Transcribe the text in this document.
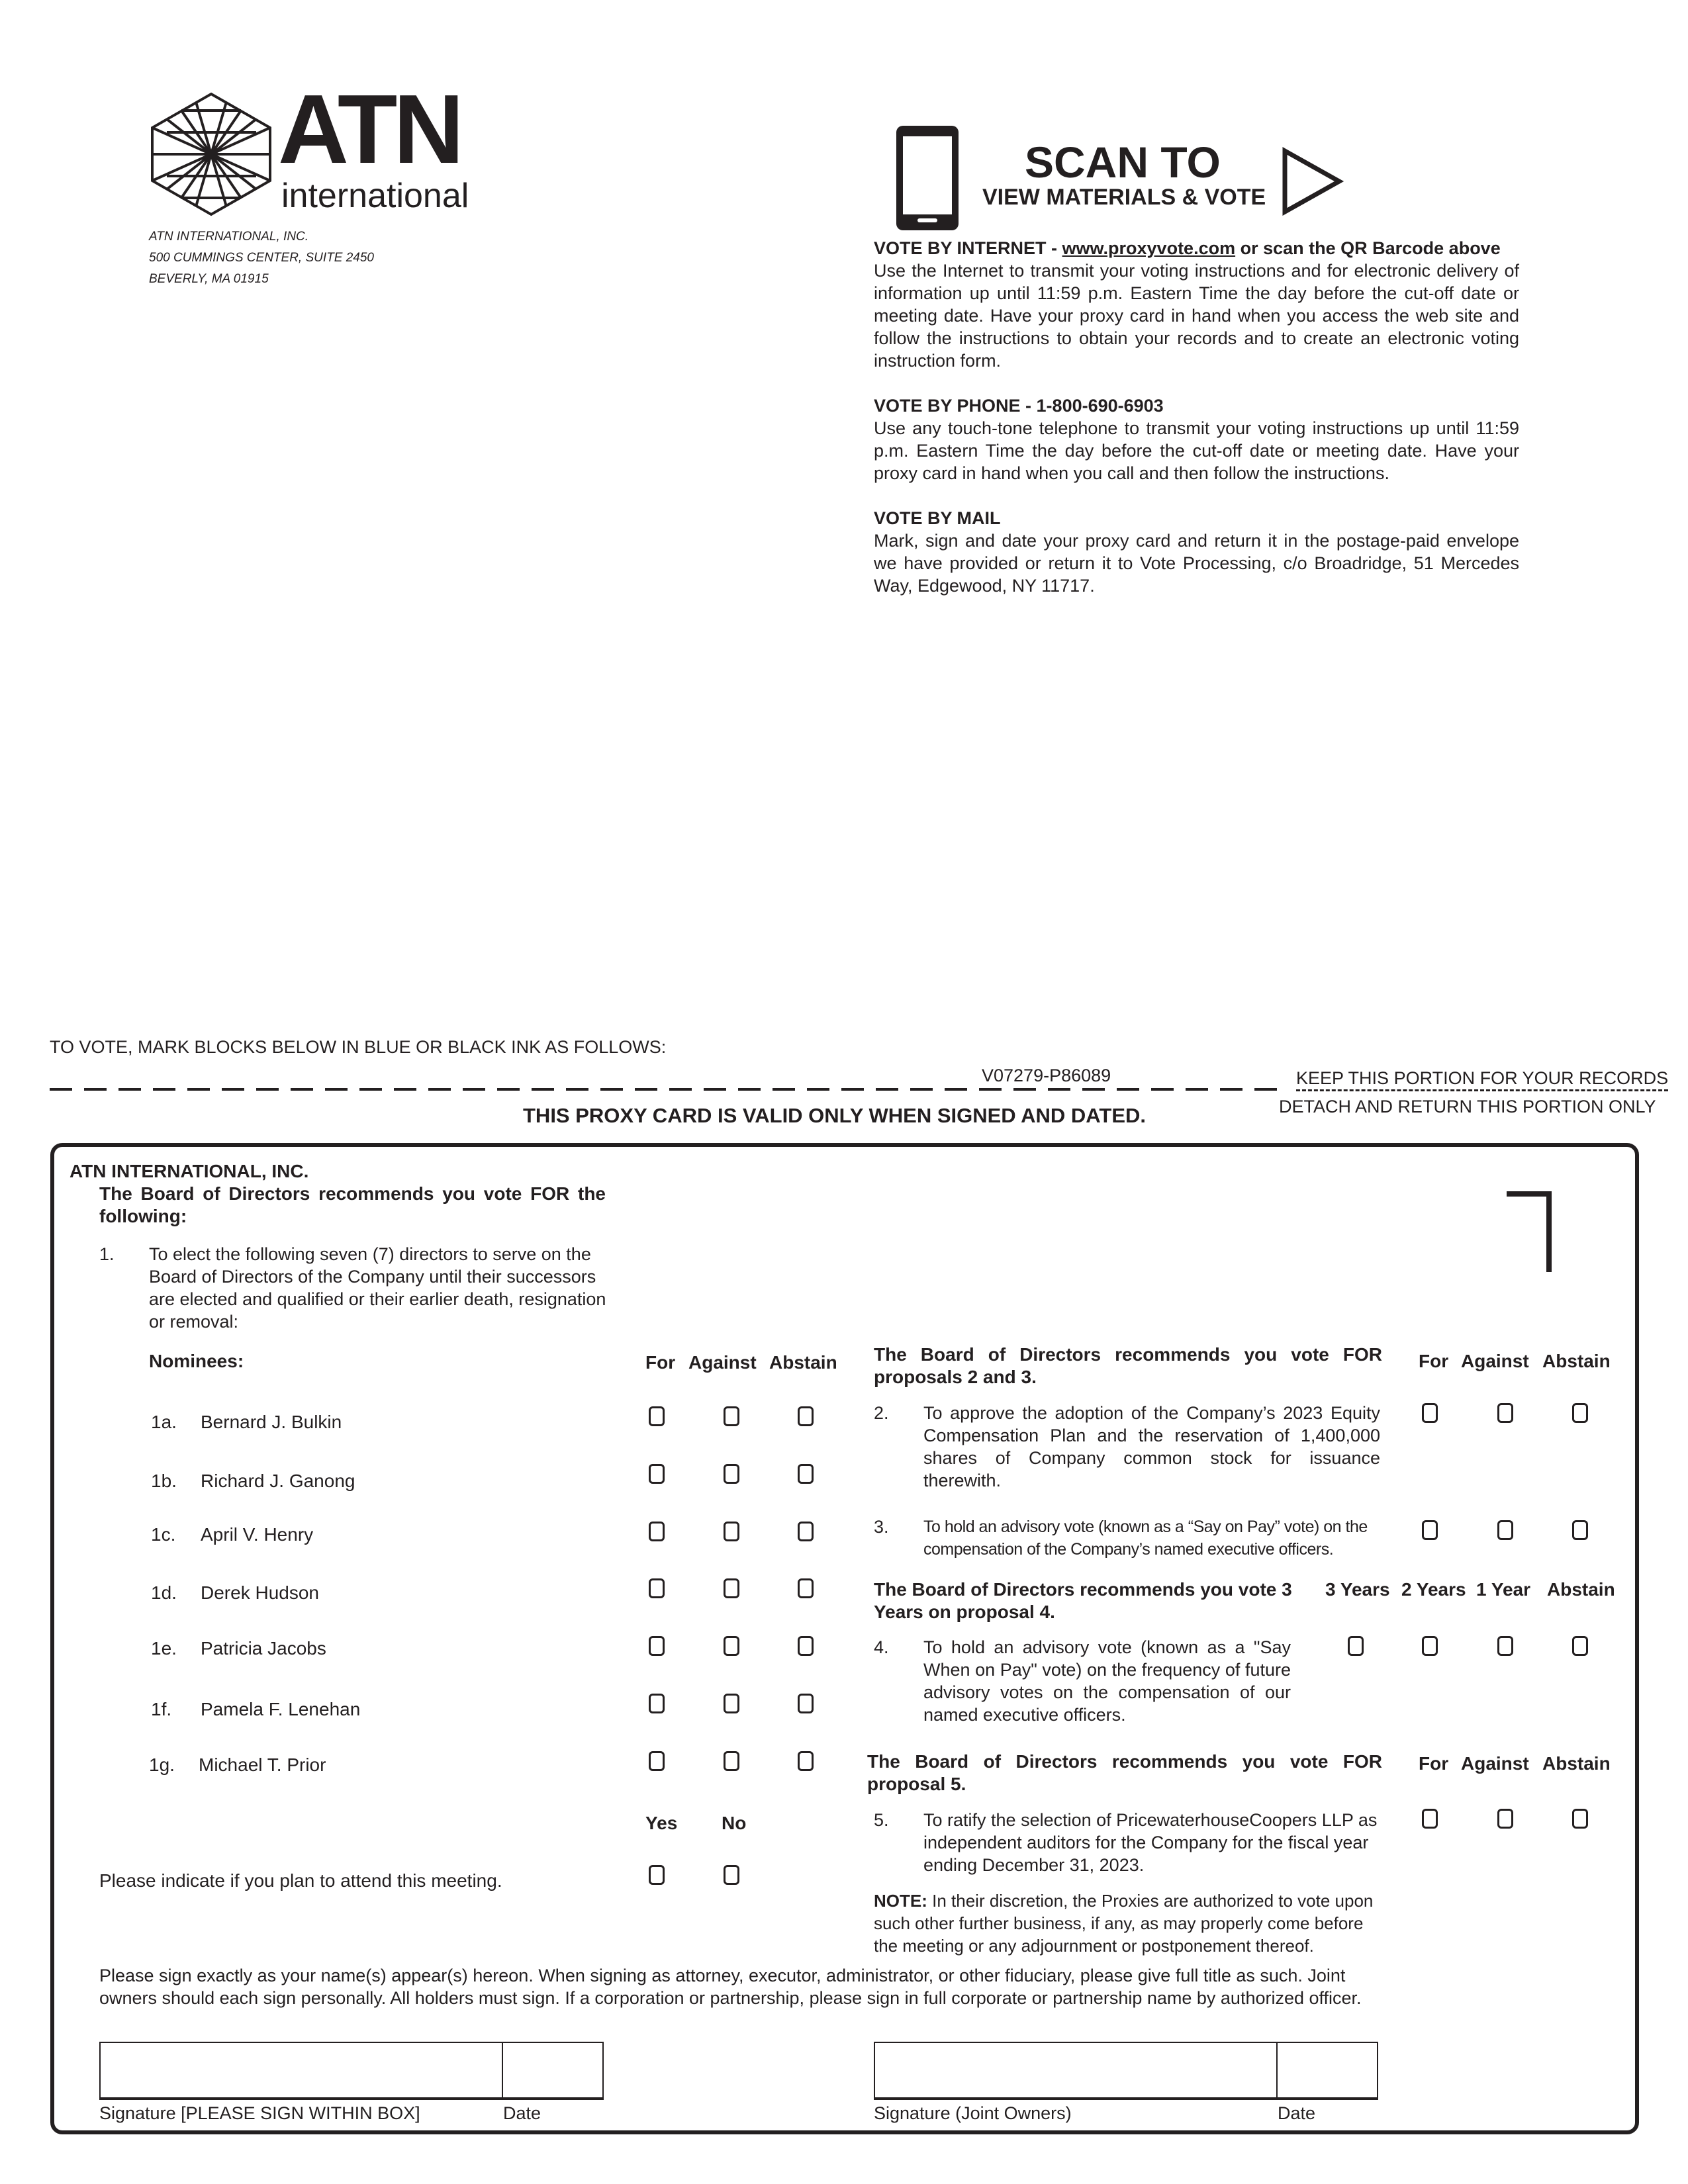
ATN
international
ATN INTERNATIONAL, INC.
500 CUMMINGS CENTER, SUITE 2450
BEVERLY, MA 01915
SCAN TO
VIEW MATERIALS & VOTE
VOTE BY INTERNET - www.proxyvote.com or scan the QR Barcode above
Use the Internet to transmit your voting instructions and for electronic delivery of information up until 11:59 p.m. Eastern Time the day before the cut-off date or meeting date. Have your proxy card in hand when you access the web site and follow the instructions to obtain your records and to create an electronic voting instruction form.
VOTE BY PHONE - 1-800-690-6903
Use any touch-tone telephone to transmit your voting instructions up until 11:59 p.m. Eastern Time the day before the cut-off date or meeting date. Have your proxy card in hand when you call and then follow the instructions.
VOTE BY MAIL
Mark, sign and date your proxy card and return it in the postage-paid envelope we have provided or return it to Vote Processing, c/o Broadridge, 51 Mercedes Way, Edgewood, NY 11717.
TO VOTE, MARK BLOCKS BELOW IN BLUE OR BLACK INK AS FOLLOWS:
V07279-P86089	KEEP THIS PORTION FOR YOUR RECORDS
DETACH AND RETURN THIS PORTION ONLY
THIS PROXY CARD IS VALID ONLY WHEN SIGNED AND DATED.
ATN INTERNATIONAL, INC.
The Board of Directors recommends you vote FOR the following:
1. To elect the following seven (7) directors to serve on the Board of Directors of the Company until their successors are elected and qualified or their earlier death, resignation or removal:
Nominees:	For Against Abstain
1a. Bernard J. Bulkin
1b. Richard J. Ganong
1c. April V. Henry
1d. Derek Hudson
1e. Patricia Jacobs
1f. Pamela F. Lenehan
1g. Michael T. Prior
Yes No
Please indicate if you plan to attend this meeting.
The Board of Directors recommends you vote FOR proposals 2 and 3.
For Against Abstain
2. To approve the adoption of the Company’s 2023 Equity Compensation Plan and the reservation of 1,400,000 shares of Company common stock for issuance therewith.
3. To hold an advisory vote (known as a “Say on Pay” vote) on the compensation of the Company’s named executive officers.
The Board of Directors recommends you vote 3 Years on proposal 4.
3 Years 2 Years 1 Year Abstain
4. To hold an advisory vote (known as a "Say When on Pay" vote) on the frequency of future advisory votes on the compensation of our named executive officers.
The Board of Directors recommends you vote FOR proposal 5.
For Against Abstain
5. To ratify the selection of PricewaterhouseCoopers LLP as independent auditors for the Company for the fiscal year ending December 31, 2023.
NOTE: In their discretion, the Proxies are authorized to vote upon such other further business, if any, as may properly come before the meeting or any adjournment or postponement thereof.
Please sign exactly as your name(s) appear(s) hereon. When signing as attorney, executor, administrator, or other fiduciary, please give full title as such. Joint owners should each sign personally. All holders must sign. If a corporation or partnership, please sign in full corporate or partnership name by authorized officer.
Signature [PLEASE SIGN WITHIN BOX]	Date	Signature (Joint Owners)	Date
